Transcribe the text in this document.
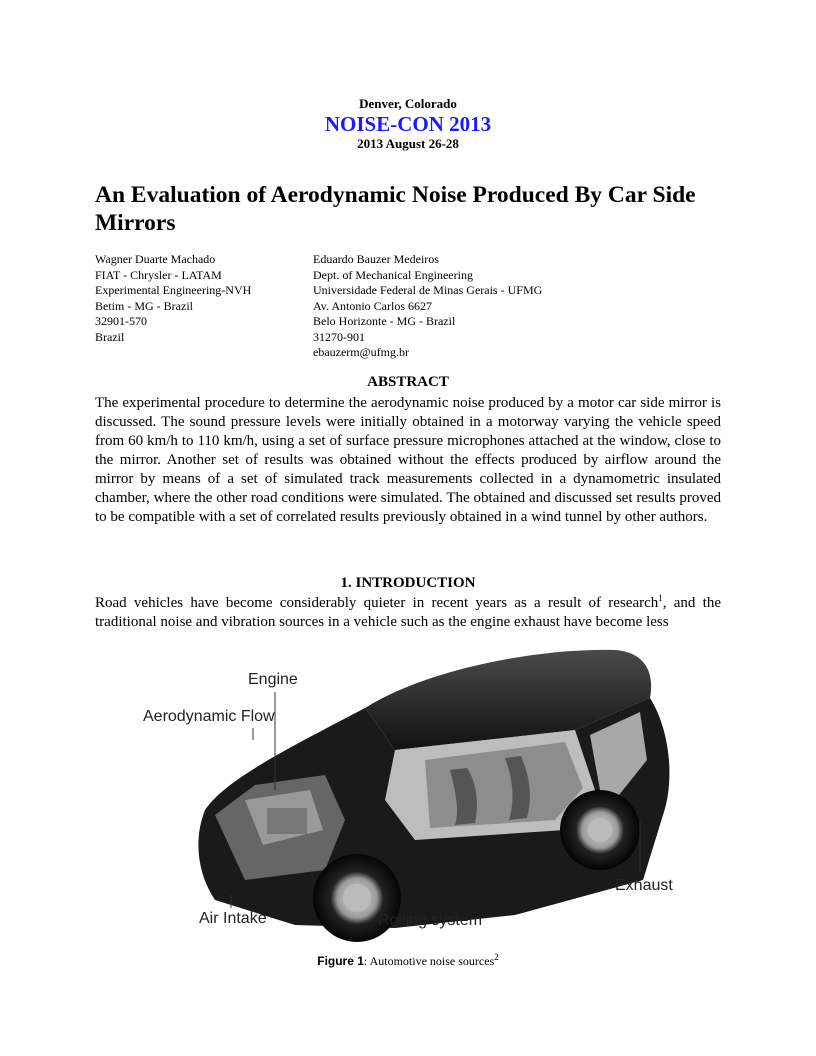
Denver, Colorado
NOISE-CON 2013
2013 August 26-28
An Evaluation of Aerodynamic Noise Produced By Car Side Mirrors
Wagner Duarte Machado
FIAT - Chrysler - LATAM
Experimental Engineering-NVH
Betim - MG - Brazil
32901-570
Brazil
Eduardo Bauzer Medeiros
Dept. of Mechanical Engineering
Universidade Federal de Minas Gerais - UFMG
Av. Antonio Carlos 6627
Belo Horizonte - MG - Brazil
31270-901
ebauzerm@ufmg.br
ABSTRACT
The experimental procedure to determine the aerodynamic noise produced by a motor car side mirror is discussed. The sound pressure levels were initially obtained in a motorway varying the vehicle speed from 60 km/h to 110 km/h, using a set of surface pressure microphones attached at the window, close to the mirror. Another set of results was obtained without the effects produced by airflow around the mirror by means of a set of simulated track measurements collected in a dynamometric insulated chamber, where the other road conditions were simulated. The obtained and discussed set results proved to be compatible with a set of correlated results previously obtained in a wind tunnel by other authors.
1. INTRODUCTION
Road vehicles have become considerably quieter in recent years as a result of research$^1$, and the traditional noise and vibration sources in a vehicle such as the engine exhaust have become less
Engine
Aerodynamic Flow
Exhaust
Air Intake	Rolling system
Figure 1: Automotive noise sources$^2$
